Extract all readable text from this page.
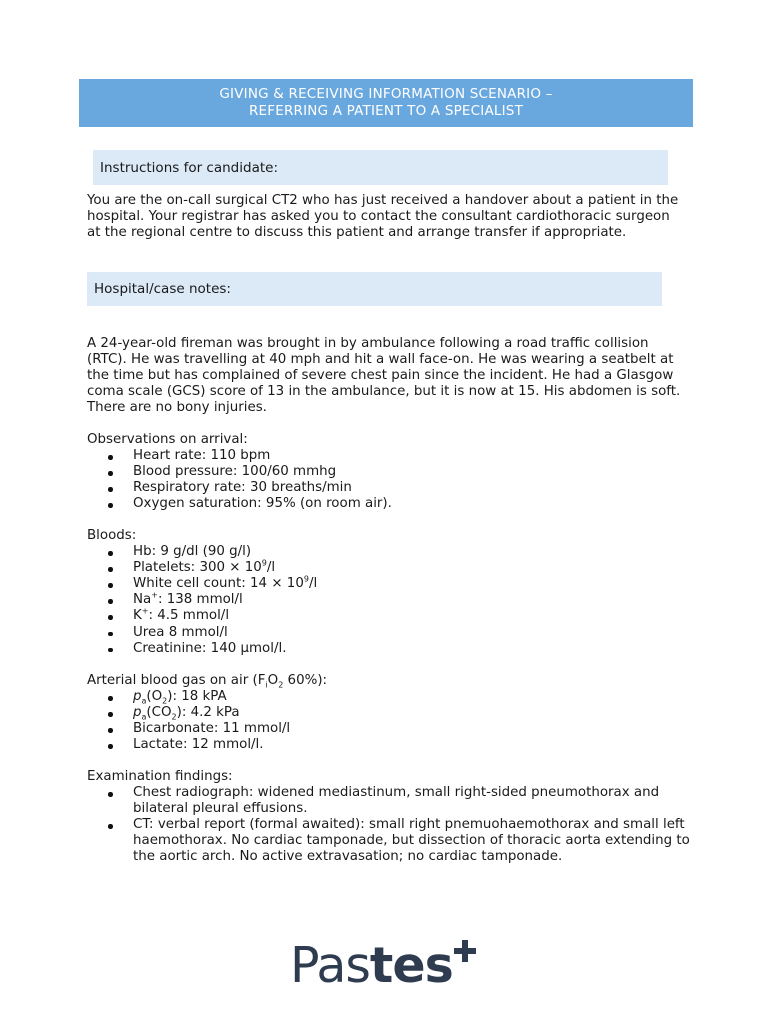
GIVING & RECEIVING INFORMATION SCENARIO –
REFERRING A PATIENT TO A SPECIALIST
Instructions for candidate:

You are the on-call surgical CT2 who has just received a handover about a patient in the hospital. Your registrar has asked you to contact the consultant cardiothoracic surgeon at the regional centre to discuss this patient and arrange transfer if appropriate.

Hospital/case notes:

A 24-year-old fireman was brought in by ambulance following a road traffic collision (RTC). He was travelling at 40 mph and hit a wall face-on. He was wearing a seatbelt at the time but has complained of severe chest pain since the incident. He had a Glasgow coma scale (GCS) score of 13 in the ambulance, but it is now at 15. His abdomen is soft. There are no bony injuries.

Observations on arrival:
Heart rate: 110 bpm
Blood pressure: 100/60 mmhg
Respiratory rate: 30 breaths/min
Oxygen saturation: 95% (on room air).
Bloods:
Hb: 9 g/dl (90 g/l)
Platelets: $300 \times 10^9/l$
White cell count: $14 \times 10^9/l$
Na+: 138 mmol/l
K+: 4.5 mmol/l
Urea 8 mmol/l
Creatinine: 140 µmol/l.
Arterial blood gas on air ($F_iO_2$ 60%):
$p_a(O_2)$: 18 kPA
$p_a(CO_2)$: 4.2 kPa
Bicarbonate: 11 mmol/l
Lactate: 12 mmol/l.
Examination findings:
Chest radiograph: widened mediastinum, small right-sided pneumothorax and bilateral pleural effusions.
CT: verbal report (formal awaited): small right pnemuohaemothorax and small left haemothorax. No cardiac tamponade, but dissection of thoracic aorta extending to the aortic arch. No active extravasation; no cardiac tamponade.
Pastes
